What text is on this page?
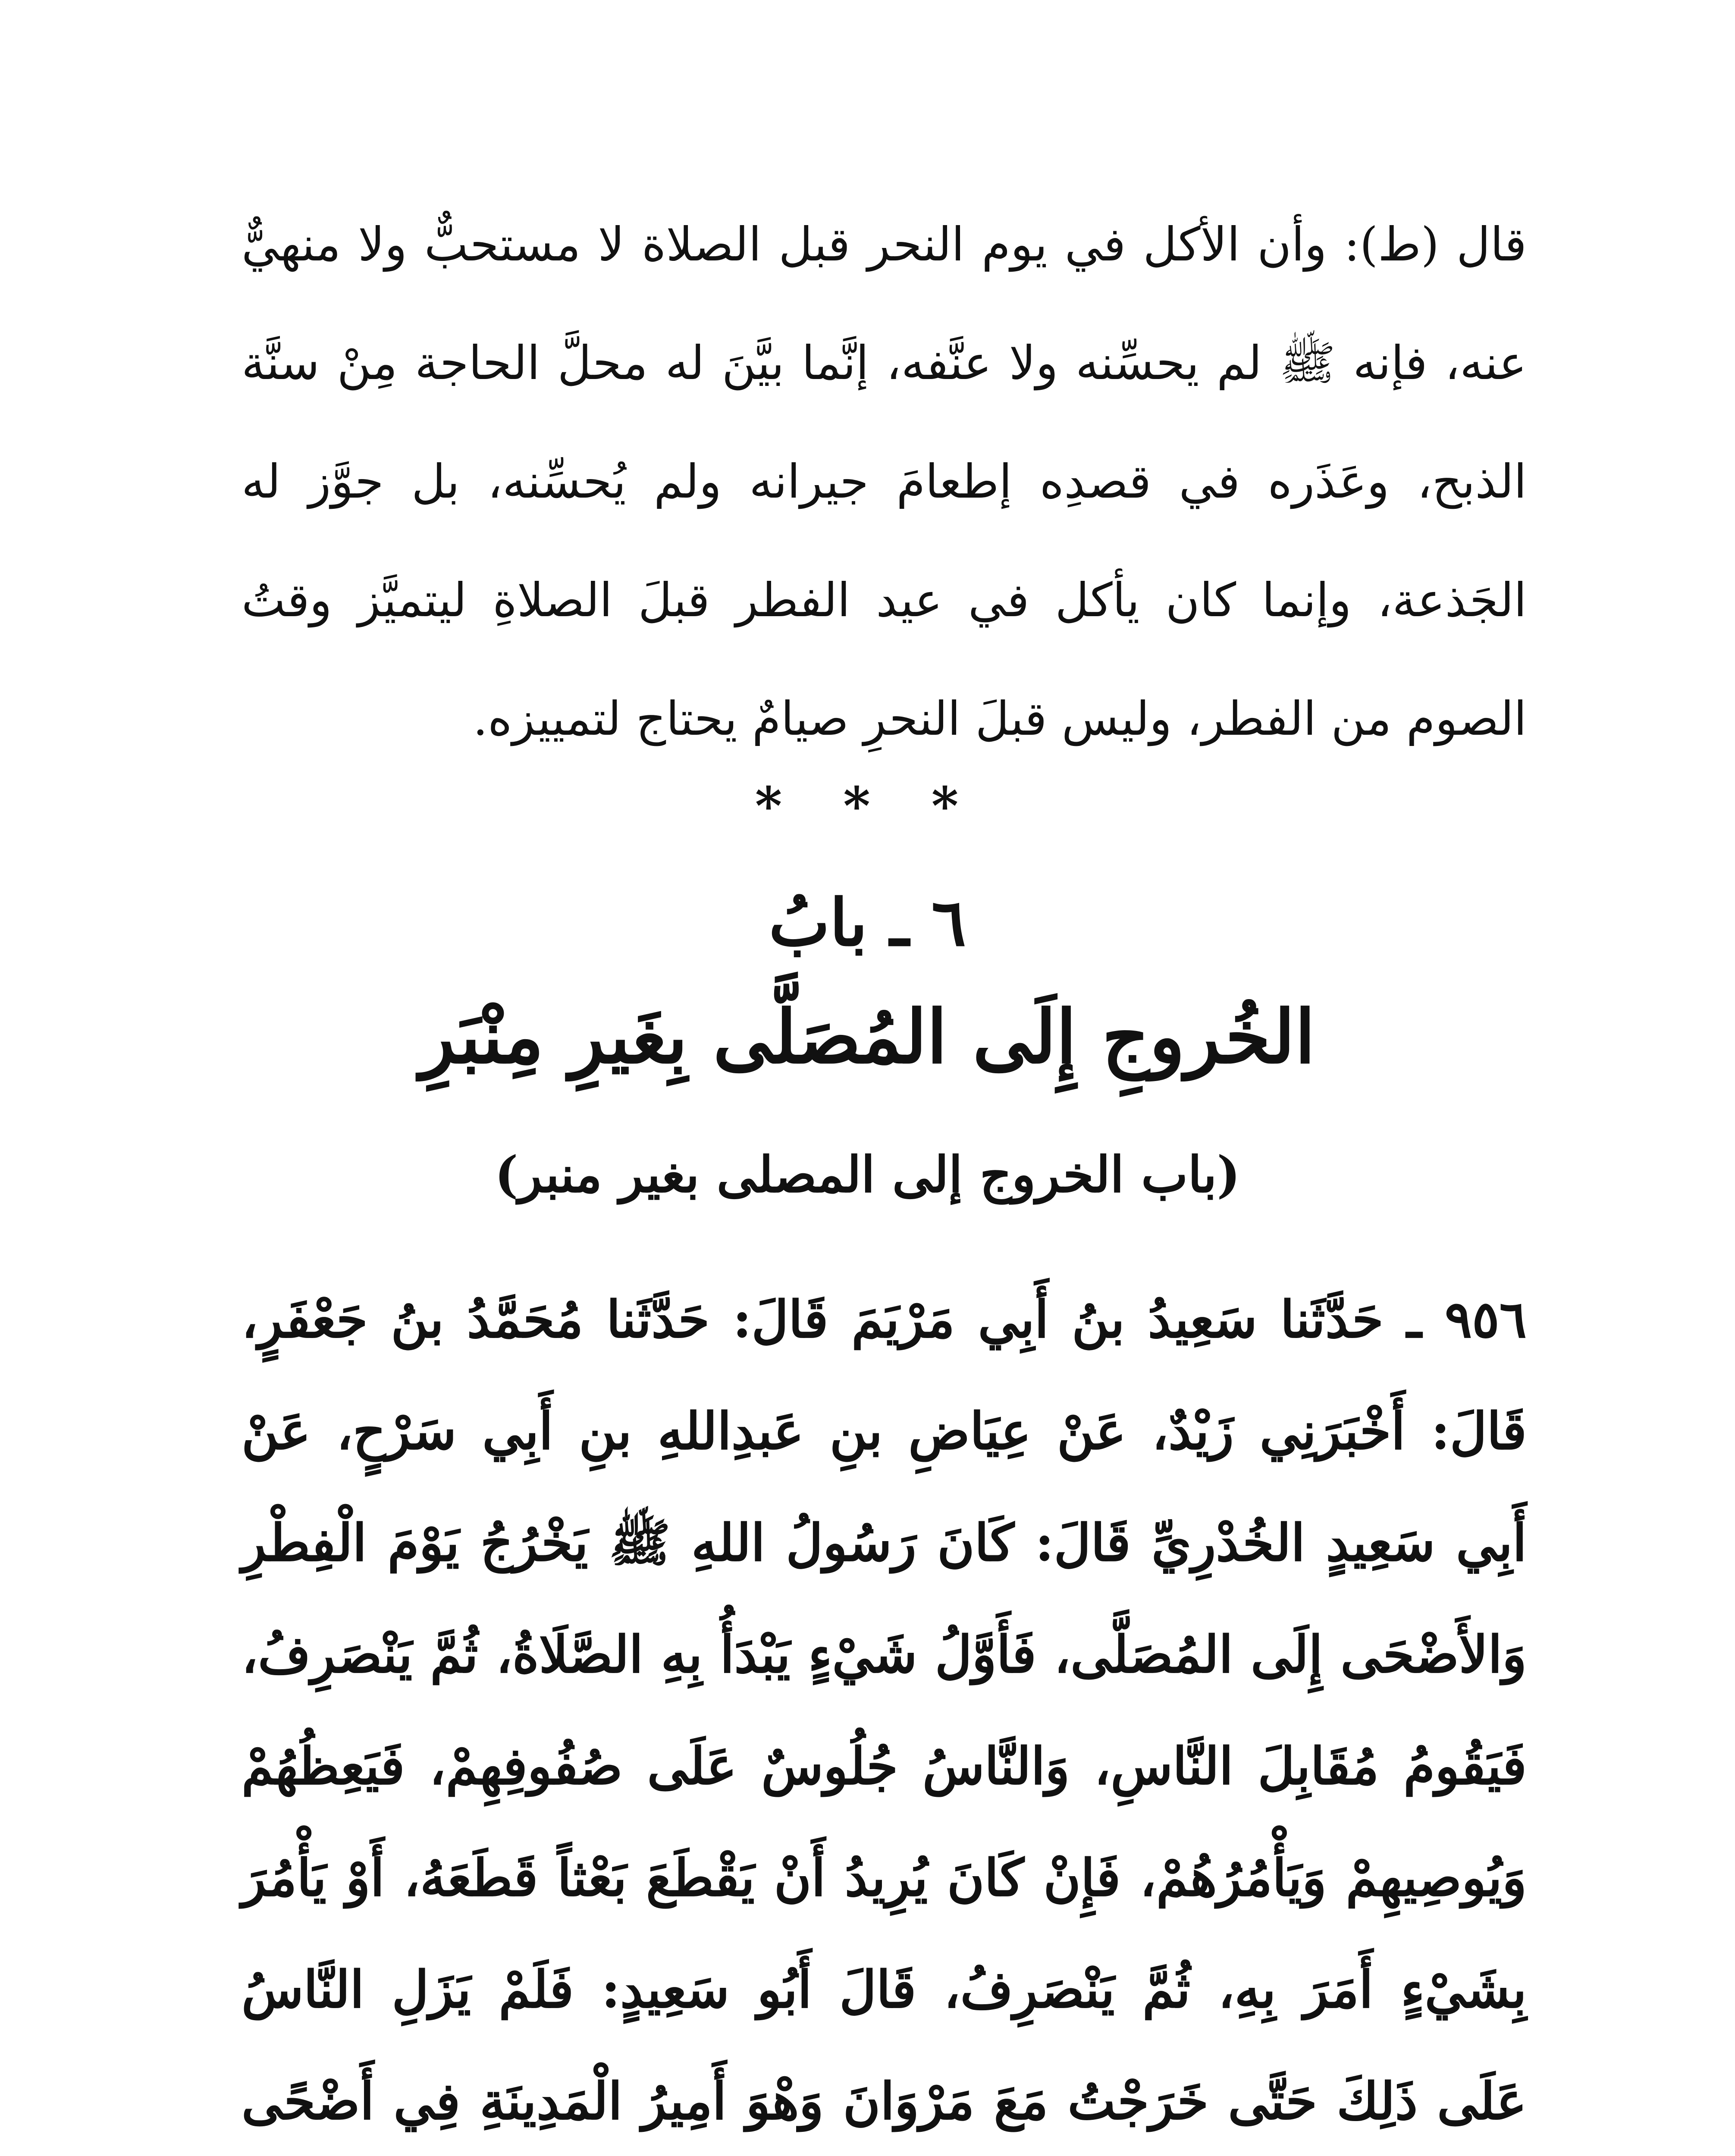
قال (ط): وأن الأكل في يوم النحر قبل الصلاة لا مستحبٌّ ولا منهيٌّ عنه، فإنه ﷺ لم يحسِّنه ولا عنَّفه، إنَّما بيَّنَ له محلَّ الحاجة مِنْ سنَّة الذبح، وعَذَره في قصدِه إطعامَ جيرانه ولم يُحسِّنه، بل جوَّز له الجَذعة، وإنما كان يأكل في عيد الفطر قبلَ الصلاةِ ليتميَّز وقتُ الصوم من الفطر، وليس قبلَ النحرِ صيامٌ يحتاج لتمييزه.
* * *
٦ ـ بابُ
الخُروجِ إِلَى المُصَلَّى بِغَيرِ مِنْبَرِ
(باب الخروج إلى المصلى بغير منبر)
٩٥٦ ـ حَدَّثَنا سَعِيدُ بنُ أَبِي مَرْيَمَ قَالَ: حَدَّثَنا مُحَمَّدُ بنُ جَعْفَرٍ، قَالَ: أَخْبَرَنِي زَيْدٌ، عَنْ عِيَاضِ بنِ عَبدِاللهِ بنِ أَبِي سَرْحٍ، عَنْ أَبِي سَعِيدٍ الخُدْرِيِّ قَالَ: كَانَ رَسُولُ اللهِ ﷺ يَخْرُجُ يَوْمَ الْفِطْرِ وَالأَضْحَى إِلَى المُصَلَّى، فَأَوَّلُ شَيْءٍ يَبْدَأُ بِهِ الصَّلَاةُ، ثُمَّ يَنْصَرِفُ، فَيَقُومُ مُقَابِلَ النَّاسِ، وَالنَّاسُ جُلُوسٌ عَلَى صُفُوفِهِمْ، فَيَعِظُهُمْ وَيُوصِيهِمْ وَيَأْمُرُهُمْ، فَإِنْ كَانَ يُرِيدُ أَنْ يَقْطَعَ بَعْثاً قَطَعَهُ، أَوْ يَأْمُرَ بِشَيْءٍ أَمَرَ بِهِ، ثُمَّ يَنْصَرِفُ، قَالَ أَبُو سَعِيدٍ: فَلَمْ يَزَلِ النَّاسُ عَلَى ذَلِكَ حَتَّى خَرَجْتُ مَعَ مَرْوَانَ وَهْوَ أَمِيرُ الْمَدِينَةِ فِي أَضْحًى
